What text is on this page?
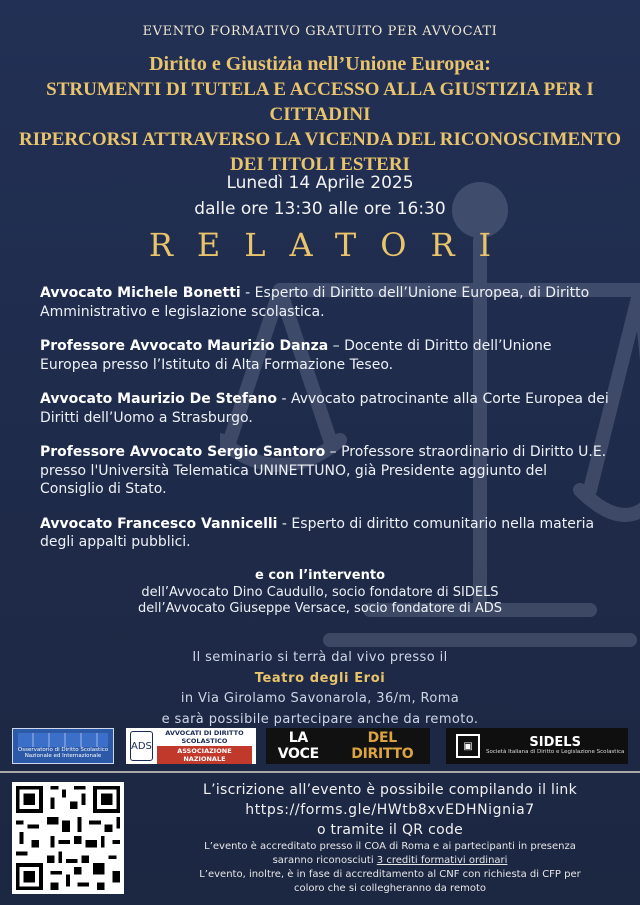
EVENTO FORMATIVO GRATUITO PER AVVOCATI
Diritto e Giustizia nell’Unione Europea:
STRUMENTI DI TUTELA E ACCESSO ALLA GIUSTIZIA PER I CITTADINI
RIPERCORSI ATTRAVERSO LA VICENDA DEL RICONOSCIMENTO
DEI TITOLI ESTERI
Lunedì 14 Aprile 2025
dalle ore 13:30 alle ore 16:30
RELATORI
Avvocato Michele Bonetti - Esperto di Diritto dell’Unione Europea, di Diritto Amministrativo e legislazione scolastica.
Professore Avvocato Maurizio Danza – Docente di Diritto dell’Unione Europea presso l’Istituto di Alta Formazione Teseo.
Avvocato Maurizio De Stefano - Avvocato patrocinante alla Corte Europea dei Diritti dell’Uomo a Strasburgo.
Professore Avvocato Sergio Santoro – Professore straordinario di Diritto U.E. presso l'Università Telematica UNINETTUNO, già Presidente aggiunto del Consiglio di Stato.
Avvocato Francesco Vannicelli - Esperto di diritto comunitario nella materia degli appalti pubblici.
e con l’intervento
dell’Avvocato Dino Caudullo, socio fondatore di SIDELS
dell’Avvocato Giuseppe Versace, socio fondatore di ADS
Il seminario si terrà dal vivo presso il
Teatro degli Eroi
in Via Girolamo Savonarola, 36/m, Roma
e sarà possibile partecipare anche da remoto.
Osservatorio di Diritto Scolastico Nazionale ed Internazionale
ADS
AVVOCATI DI DIRITTO SCOLASTICO
ASSOCIAZIONE NAZIONALE
LA VOCE
DEL DIRITTO	▣	SIDELS
Società Italiana di Diritto e Legislazione Scolastica
L’iscrizione all’evento è possibile compilando il link
https://forms.gle/HWtb8xvEDHNignia7
o tramite il QR code
L’evento è accreditato presso il COA di Roma e ai partecipanti in presenza
saranno riconosciuti 3 crediti formativi ordinari
L’evento, inoltre, è in fase di accreditamento al CNF con richiesta di CFP per
coloro che si collegheranno da remoto
